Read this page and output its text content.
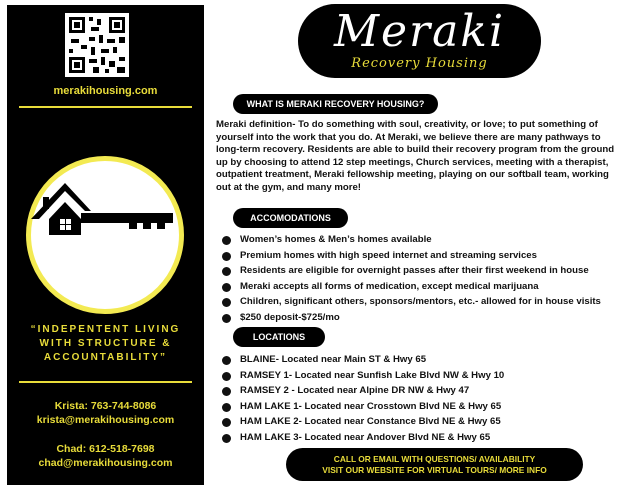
merakihousing.com
“INDEPENTENT LIVING
WITH STRUCTURE &
ACCOUNTABILITY”
Krista: 763-744-8086
krista@merakihousing.com
Chad: 612-518-7698
chad@merakihousing.com
Meraki
Recovery Housing
WHAT IS MERAKI RECOVERY HOUSING?
Meraki definition- To do something with soul, creativity, or love; to put something of yourself into the work that you do. At Meraki, we believe there are many pathways to long-term recovery. Residents are able to build their recovery program from the ground up by choosing to attend 12 step meetings, Church services, meeting with a therapist, outpatient treatment, Meraki fellowship meeting, playing on our softball team, working out at the gym, and many more!
ACCOMODATIONS
Women’s homes & Men’s homes available
Premium homes with high speed internet and streaming services
Residents are eligible for overnight passes after their first weekend in house
Meraki accepts all forms of medication, except medical marijuana
Children, significant others, sponsors/mentors, etc.- allowed for in house visits
$250 deposit-$725/mo
LOCATIONS
BLAINE- Located near Main ST & Hwy 65
RAMSEY 1- Located near Sunfish Lake Blvd NW & Hwy 10
RAMSEY 2 - Located near Alpine DR NW & Hwy 47
HAM LAKE 1- Located near Crosstown Blvd NE & Hwy 65
HAM LAKE 2- Located near Constance Blvd NE & Hwy 65
HAM LAKE 3- Located near Andover Blvd NE & Hwy 65
CALL OR EMAIL WITH QUESTIONS/ AVAILABILITY
VISIT OUR WEBSITE FOR VIRTUAL TOURS/ MORE INFO
